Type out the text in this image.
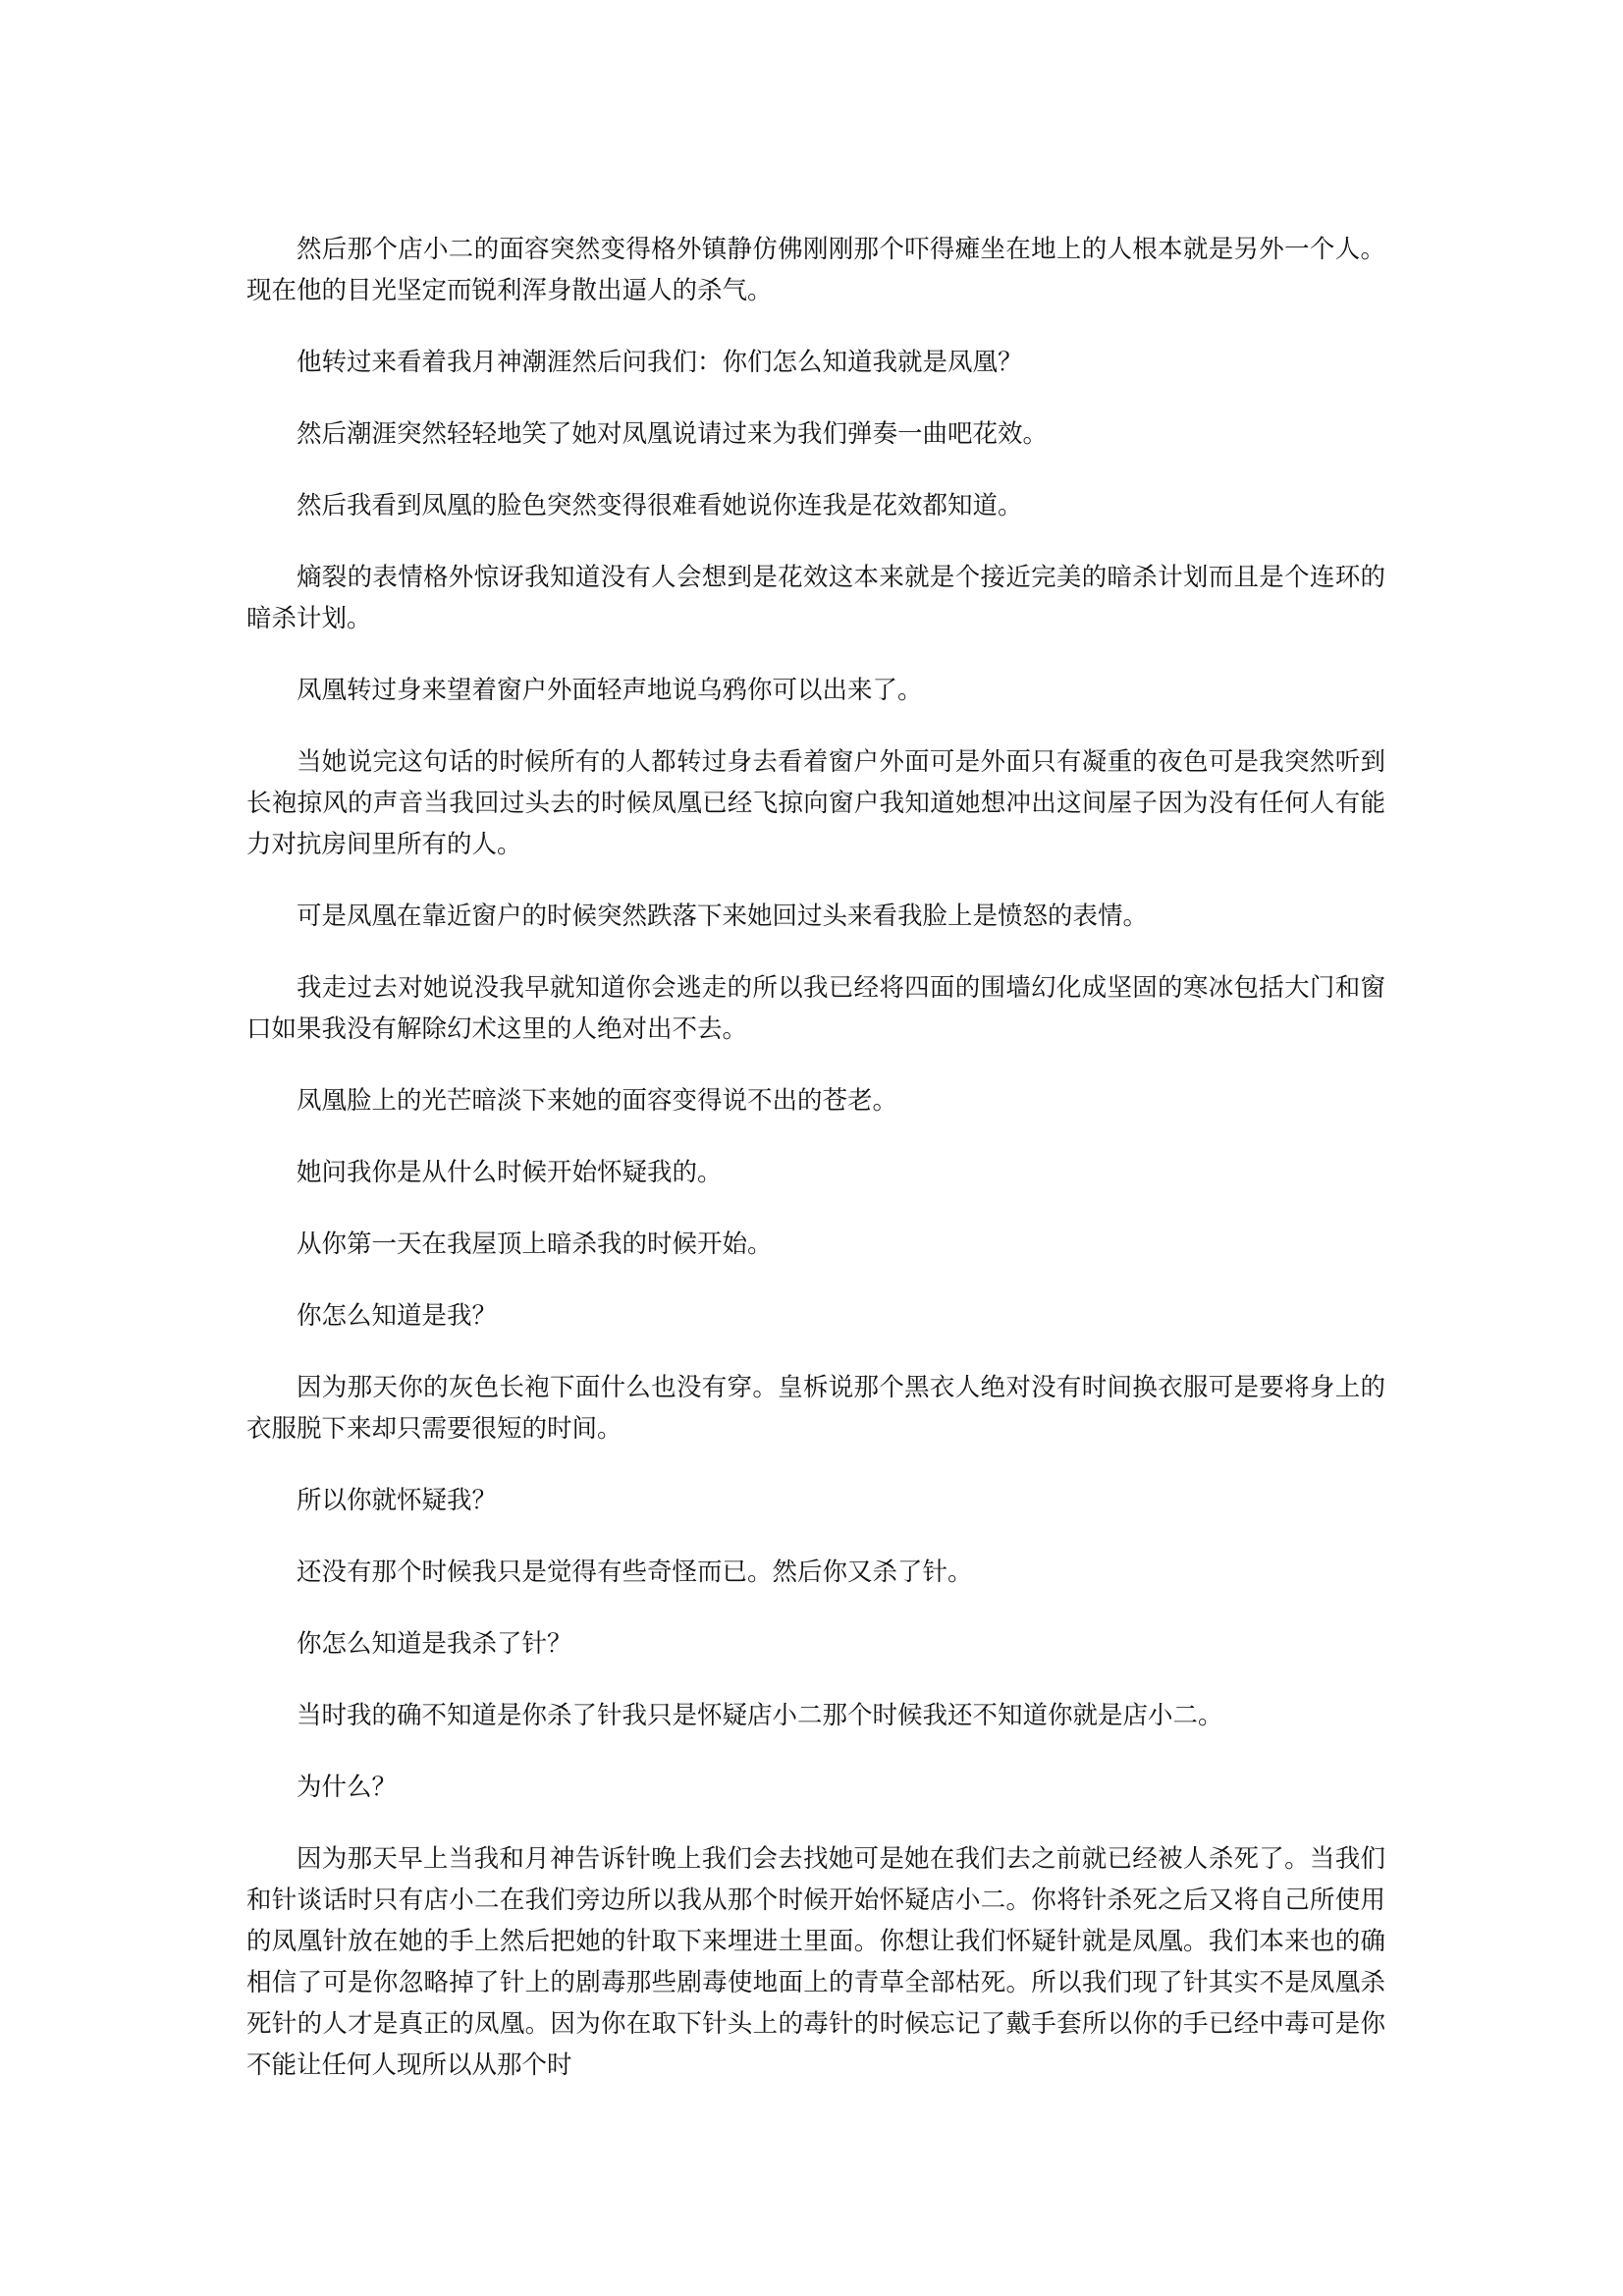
然后那个店小二的面容突然变得格外镇静仿佛刚刚那个吓得瘫坐在地上的人根本就是另外一个人。现在他的目光坚定而锐利浑身散出逼人的杀气。

他转过来看着我月神潮涯然后问我们：你们怎么知道我就是凤凰？

然后潮涯突然轻轻地笑了她对凤凰说请过来为我们弹奏一曲吧花效。

然后我看到凤凰的脸色突然变得很难看她说你连我是花效都知道。

熵裂的表情格外惊讶我知道没有人会想到是花效这本来就是个接近完美的暗杀计划而且是个连环的暗杀计划。

凤凰转过身来望着窗户外面轻声地说乌鸦你可以出来了。

当她说完这句话的时候所有的人都转过身去看着窗户外面可是外面只有凝重的夜色可是我突然听到长袍掠风的声音当我回过头去的时候凤凰已经飞掠向窗户我知道她想冲出这间屋子因为没有任何人有能力对抗房间里所有的人。

可是凤凰在靠近窗户的时候突然跌落下来她回过头来看我脸上是愤怒的表情。

我走过去对她说没我早就知道你会逃走的所以我已经将四面的围墙幻化成坚固的寒冰包括大门和窗口如果我没有解除幻术这里的人绝对出不去。

凤凰脸上的光芒暗淡下来她的面容变得说不出的苍老。

她问我你是从什么时候开始怀疑我的。

从你第一天在我屋顶上暗杀我的时候开始。

你怎么知道是我？

因为那天你的灰色长袍下面什么也没有穿。皇柝说那个黑衣人绝对没有时间换衣服可是要将身上的衣服脱下来却只需要很短的时间。

所以你就怀疑我？

还没有那个时候我只是觉得有些奇怪而已。然后你又杀了针。

你怎么知道是我杀了针？

当时我的确不知道是你杀了针我只是怀疑店小二那个时候我还不知道你就是店小二。

为什么？

因为那天早上当我和月神告诉针晚上我们会去找她可是她在我们去之前就已经被人杀死了。当我们和针谈话时只有店小二在我们旁边所以我从那个时候开始怀疑店小二。你将针杀死之后又将自己所使用的凤凰针放在她的手上然后把她的针取下来埋进土里面。你想让我们怀疑针就是凤凰。我们本来也的确相信了可是你忽略掉了针上的剧毒那些剧毒使地面上的青草全部枯死。所以我们现了针其实不是凤凰杀死针的人才是真正的凤凰。因为你在取下针头上的毒针的时候忘记了戴手套所以你的手已经中毒可是你不能让任何人现所以从那个时
